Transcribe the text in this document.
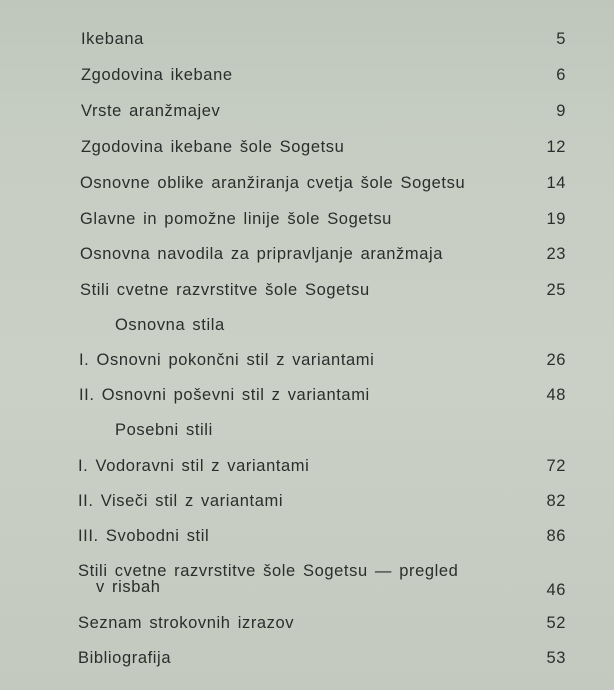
Ikebana	5
Zgodovina ikebane	6
Vrste aranžmajev	9
Zgodovina ikebane šole Sogetsu	12
Osnovne oblike aranžiranja cvetja šole Sogetsu	14
Glavne in pomožne linije šole Sogetsu	19
Osnovna navodila za pripravljanje aranžmaja	23
Stili cvetne razvrstitve šole Sogetsu	25
Osnovna stila
I. Osnovni pokončni stil z variantami	26
II. Osnovni poševni stil z variantami	48
Posebni stili
I. Vodoravni stil z variantami	72
II. Viseči stil z variantami	82
III. Svobodni stil	86
Stili cvetne razvrstitve šole Sogetsu — pregled
v risbah	46
Seznam strokovnih izrazov	52
Bibliografija	53
